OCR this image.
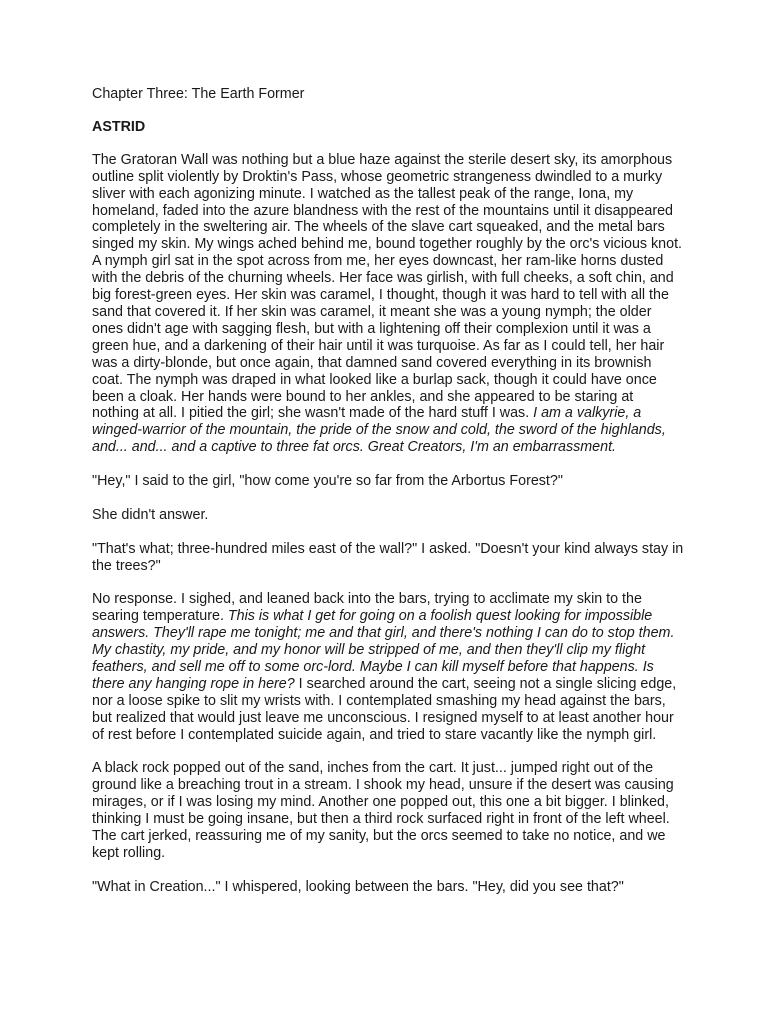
Chapter Three: The Earth Former
ASTRID

The Gratoran Wall was nothing but a blue haze against the sterile desert sky, its amorphous outline split violently by Droktin's Pass, whose geometric strangeness dwindled to a murky sliver with each agonizing minute. I watched as the tallest peak of the range, Iona, my homeland, faded into the azure blandness with the rest of the mountains until it disappeared completely in the sweltering air. The wheels of the slave cart squeaked, and the metal bars singed my skin. My wings ached behind me, bound together roughly by the orc's vicious knot. A nymph girl sat in the spot across from me, her eyes downcast, her ram-like horns dusted with the debris of the churning wheels. Her face was girlish, with full cheeks, a soft chin, and big forest-green eyes. Her skin was caramel, I thought, though it was hard to tell with all the sand that covered it. If her skin was caramel, it meant she was a young nymph; the older ones didn't age with sagging flesh, but with a lightening off their complexion until it was a green hue, and a darkening of their hair until it was turquoise. As far as I could tell, her hair was a dirty-blonde, but once again, that damned sand covered everything in its brownish coat. The nymph was draped in what looked like a burlap sack, though it could have once been a cloak. Her hands were bound to her ankles, and she appeared to be staring at nothing at all. I pitied the girl; she wasn't made of the hard stuff I was. I am a valkyrie, a winged-warrior of the mountain, the pride of the snow and cold, the sword of the highlands, and... and... and a captive to three fat orcs. Great Creators, I'm an embarrassment.

"Hey," I said to the girl, "how come you're so far from the Arbortus Forest?"

She didn't answer.

"That's what; three-hundred miles east of the wall?" I asked. "Doesn't your kind always stay in the trees?"

No response. I sighed, and leaned back into the bars, trying to acclimate my skin to the searing temperature. This is what I get for going on a foolish quest looking for impossible answers. They'll rape me tonight; me and that girl, and there's nothing I can do to stop them. My chastity, my pride, and my honor will be stripped of me, and then they'll clip my flight feathers, and sell me off to some orc-lord. Maybe I can kill myself before that happens. Is there any hanging rope in here? I searched around the cart, seeing not a single slicing edge, nor a loose spike to slit my wrists with. I contemplated smashing my head against the bars, but realized that would just leave me unconscious. I resigned myself to at least another hour of rest before I contemplated suicide again, and tried to stare vacantly like the nymph girl.

A black rock popped out of the sand, inches from the cart. It just... jumped right out of the ground like a breaching trout in a stream. I shook my head, unsure if the desert was causing mirages, or if I was losing my mind. Another one popped out, this one a bit bigger. I blinked, thinking I must be going insane, but then a third rock surfaced right in front of the left wheel. The cart jerked, reassuring me of my sanity, but the orcs seemed to take no notice, and we kept rolling.

"What in Creation..." I whispered, looking between the bars. "Hey, did you see that?"
